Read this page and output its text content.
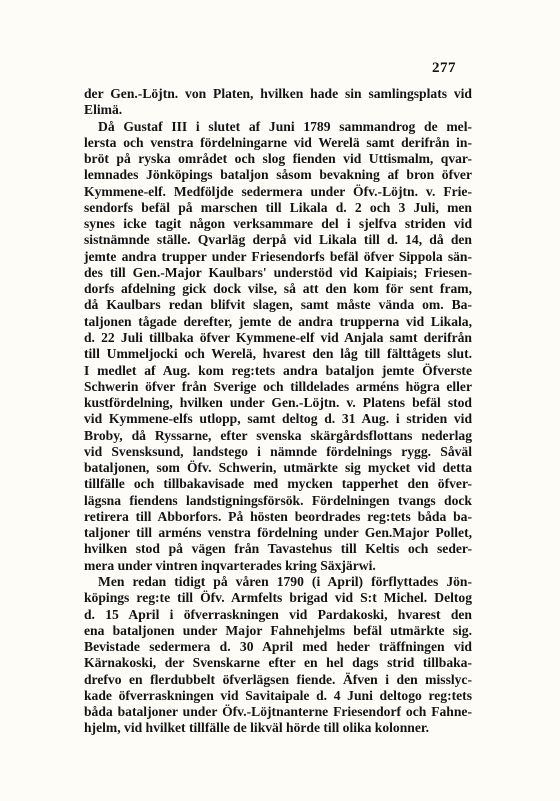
277
der Gen.-Löjtn. von Platen, hvilken hade sin samlingsplats vid
Elimä.
Då Gustaf III i slutet af Juni 1789 sammandrog de mel-
lersta och venstra fördelningarne vid Werelä samt derifrån in-
bröt på ryska området och slog fienden vid Uttismalm, qvar-
lemnades Jönköpings bataljon såsom bevakning af bron öfver
Kymmene-elf. Medföljde sedermera under Öfv.-Löjtn. v. Frie-
sendorfs befäl på marschen till Likala d. 2 och 3 Juli, men
synes icke tagit någon verksammare del i sjelfva striden vid
sistnämnde ställe. Qvarläg derpå vid Likala till d. 14, då den
jemte andra trupper under Friesendorfs befäl öfver Sippola sän-
des till Gen.-Major Kaulbars' understöd vid Kaipiais; Friesen-
dorfs afdelning gick dock vilse, så att den kom för sent fram,
då Kaulbars redan blifvit slagen, samt måste vända om. Ba-
taljonen tågade derefter, jemte de andra trupperna vid Likala,
d. 22 Juli tillbaka öfver Kymmene-elf vid Anjala samt derifrån
till Ummeljocki och Werelä, hvarest den låg till fälttågets slut.
I medlet af Aug. kom reg:tets andra bataljon jemte Öfverste
Schwerin öfver från Sverige och tilldelades arméns högra eller
kustfördelning, hvilken under Gen.-Löjtn. v. Platens befäl stod
vid Kymmene-elfs utlopp, samt deltog d. 31 Aug. i striden vid
Broby, då Ryssarne, efter svenska skärgårdsflottans nederlag
vid Svensksund, landstego i nämnde fördelnings rygg. Såväl
bataljonen, som Öfv. Schwerin, utmärkte sig mycket vid detta
tillfälle och tillbakavisade med mycken tapperhet den öfver-
lägsna fiendens landstigningsförsök. Fördelningen tvangs dock
retirera till Abborfors. På hösten beordrades reg:tets båda ba-
taljoner till arméns venstra fördelning under Gen.Major Pollet,
hvilken stod på vägen från Tavastehus till Keltis och seder-
mera under vintren inqvarterades kring Säxjärwi.
Men redan tidigt på våren 1790 (i April) förflyttades Jön-
köpings reg:te till Öfv. Armfelts brigad vid S:t Michel. Deltog
d. 15 April i öfverraskningen vid Pardakoski, hvarest den
ena bataljonen under Major Fahnehjelms befäl utmärkte sig.
Bevistade sedermera d. 30 April med heder träffningen vid
Kärnakoski, der Svenskarne efter en hel dags strid tillbaka-
drefvo en flerdubbelt öfverlägsen fiende. Äfven i den misslyc-
kade öfverraskningen vid Savitaipale d. 4 Juni deltogo reg:tets
båda bataljoner under Öfv.-Löjtnanterne Friesendorf och Fahne-
hjelm, vid hvilket tillfälle de likväl hörde till olika kolonner.
